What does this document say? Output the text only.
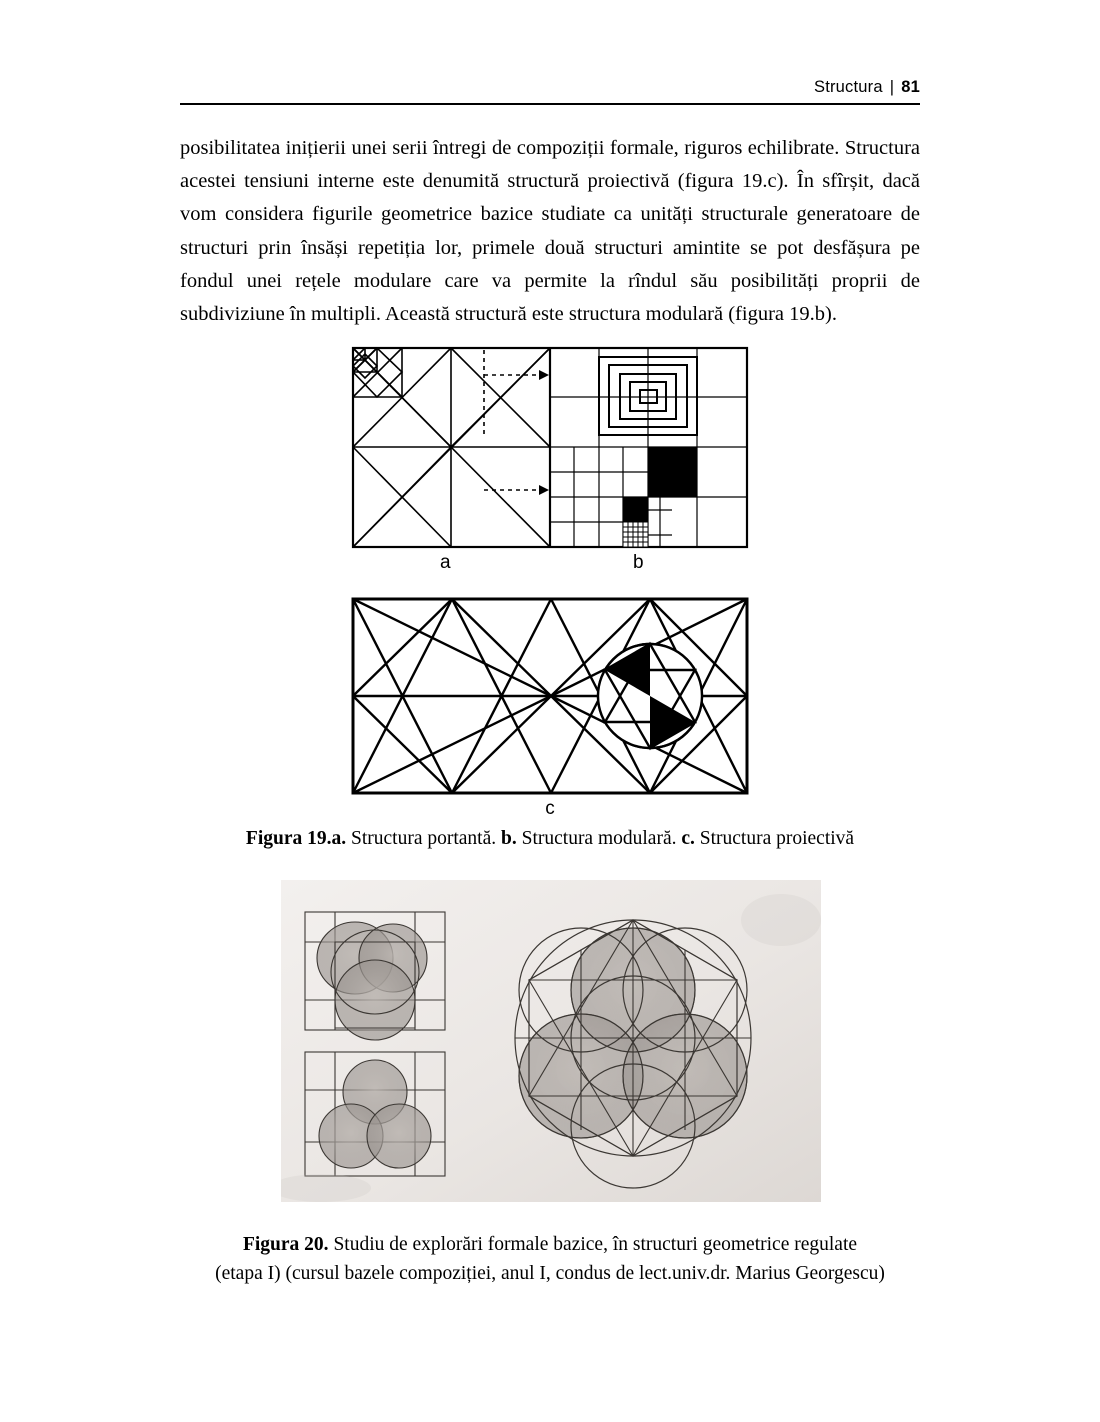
Structura | 81

posibilitatea inițierii unei serii întregi de compoziții formale, riguros echilibrate. Structura acestei tensiuni interne este denumită structură proiectivă (figura 19.c). În sfîrșit, dacă vom considera figurile geometrice bazice studiate ca unități structurale generatoare de structuri prin însăși repetiția lor, primele două structuri amintite se pot desfășura pe fondul unei rețele modulare care va permite la rîndul său posibilități proprii de subdiviziune în multipli. Această structură este structura modulară (figura 19.b).

a	b
c
Figura 19.a. Structura portantă. b. Structura modulară. c. Structura proiectivă
Figura 20. Studiu de explorări formale bazice, în structuri geometrice regulate
(etapa I) (cursul bazele compoziției, anul I, condus de lect.univ.dr. Marius Georgescu)
